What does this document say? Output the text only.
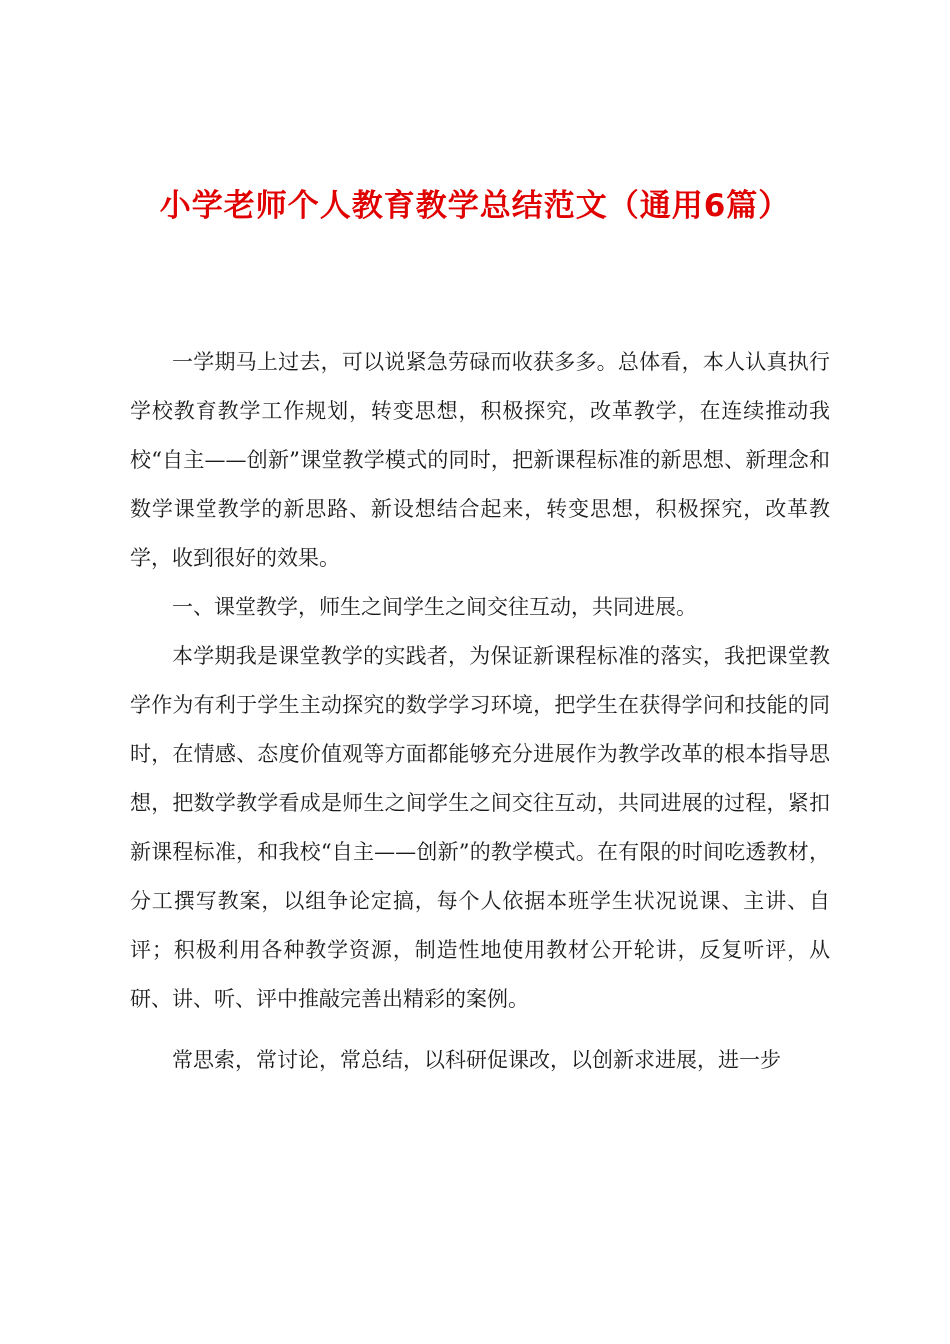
小学老师个人教育教学总结范文（通用6篇）

一学期马上过去，可以说紧急劳碌而收获多多。总体看，本人认真执行学校教育教学工作规划，转变思想，积极探究，改革教学，在连续推动我校“自主——创新”课堂教学模式的同时，把新课程标准的新思想、新理念和数学课堂教学的新思路、新设想结合起来，转变思想，积极探究，改革教学，收到很好的效果。

一、课堂教学，师生之间学生之间交往互动，共同进展。

本学期我是课堂教学的实践者，为保证新课程标准的落实，我把课堂教学作为有利于学生主动探究的数学学习环境，把学生在获得学问和技能的同时，在情感、态度价值观等方面都能够充分进展作为教学改革的根本指导思想，把数学教学看成是师生之间学生之间交往互动，共同进展的过程，紧扣新课程标准，和我校“自主——创新”的教学模式。在有限的时间吃透教材，分工撰写教案，以组争论定搞，每个人依据本班学生状况说课、主讲、自评；积极利用各种教学资源，制造性地使用教材公开轮讲，反复听评，从研、讲、听、评中推敲完善出精彩的案例。

常思索，常讨论，常总结，以科研促课改，以创新求进展，进一步
